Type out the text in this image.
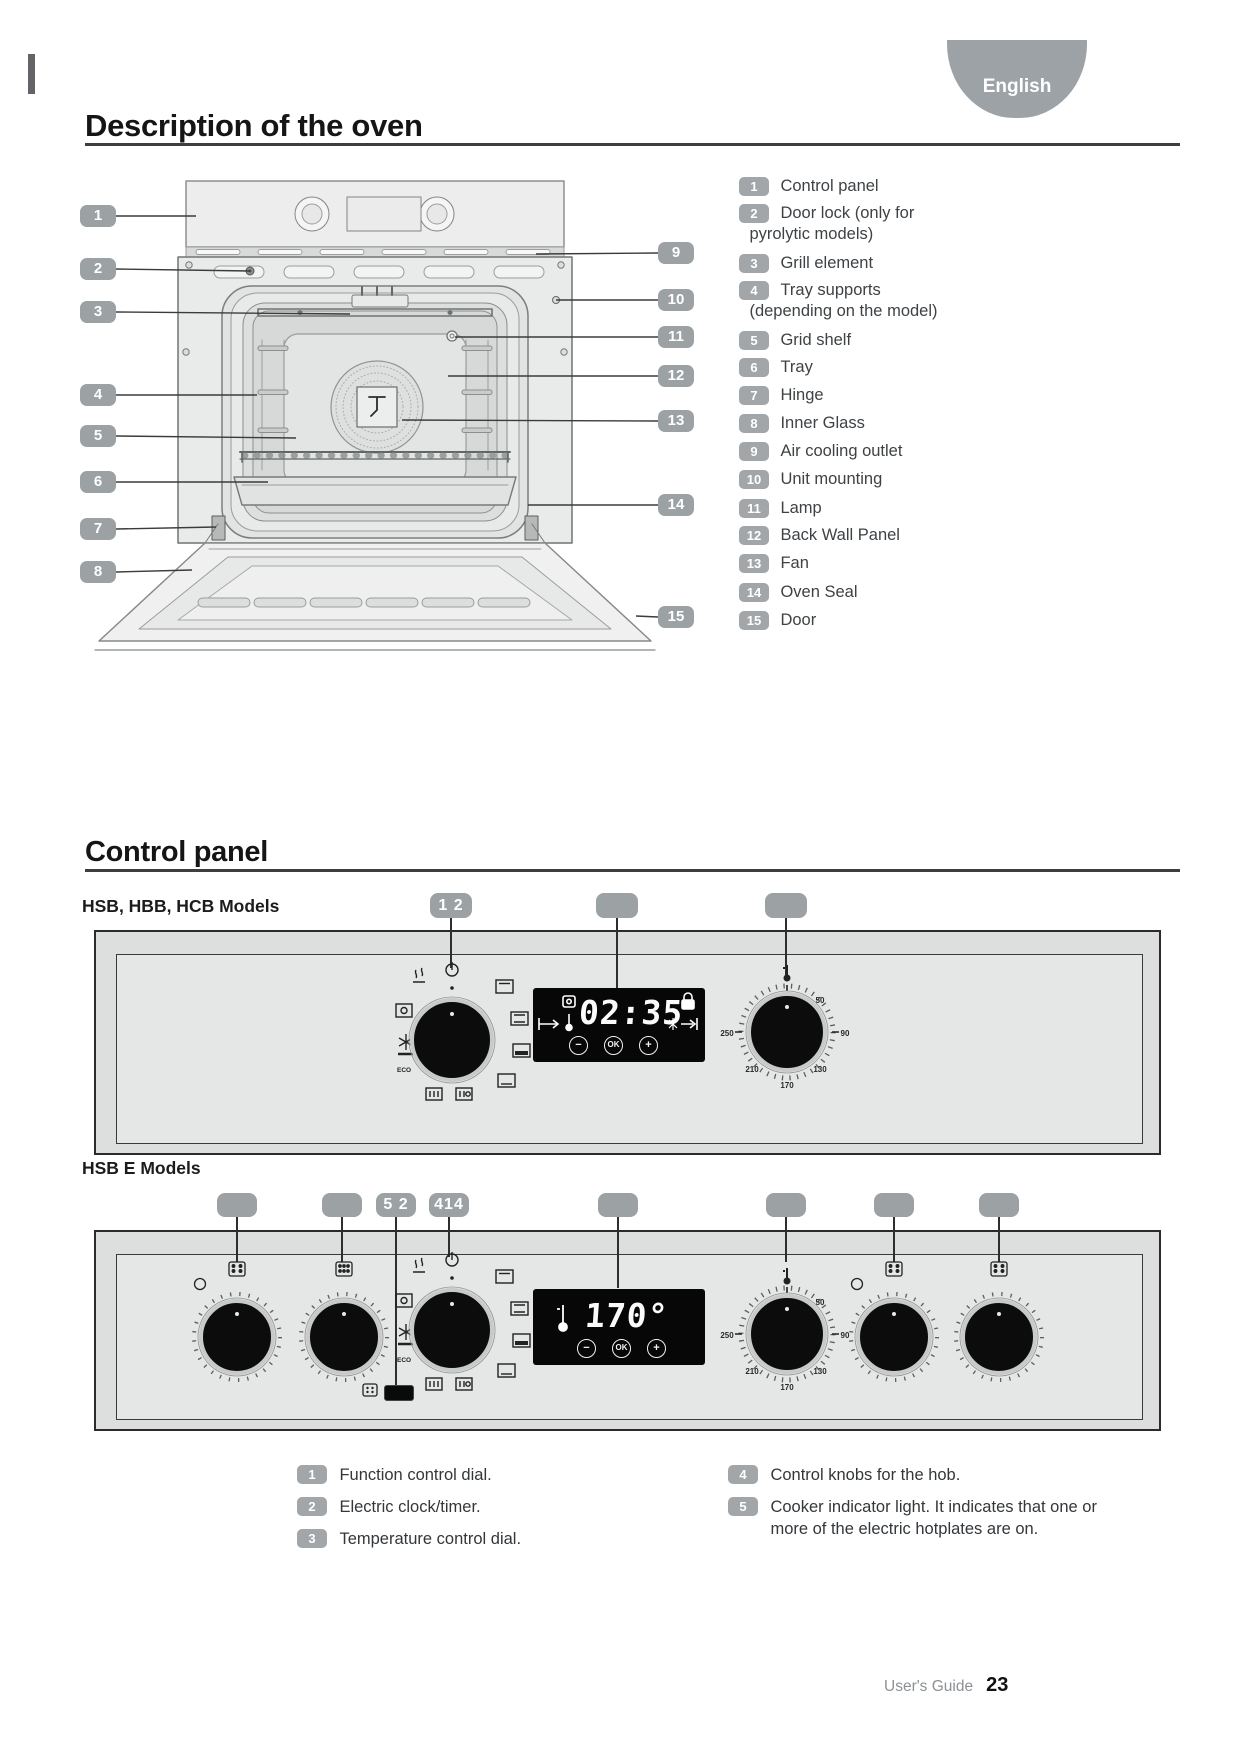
English
Description of the oven
1
2
3
4
5
6
7
8
9
10
11
12
13
14
15
1 Control panel
2 Door lock (only for pyrolytic models)
3 Grill element
4 Tray supports (depending on the model)
5 Grid shelf
6 Tray
7 Hinge
8 Inner Glass
9 Air cooling outlet
10 Unit mounting
11 Lamp
12 Back Wall Panel
13 Fan
14 Oven Seal
15 Door
Control panel
HSB, HBB, HCB Models	1 2
ECO
02:35
−	OK	+
50
90
130
170
210
250
HSB E Models
5 2	414
ECO
170°
−	OK	+
50
90
130
170
210
250
1 Function control dial.
2 Electric clock/timer.
3 Temperature control dial.
4 Control knobs for the hob.
5 Cooker indicator light. It indicates that one or more of the electric hotplates are on.
User's Guide 23
